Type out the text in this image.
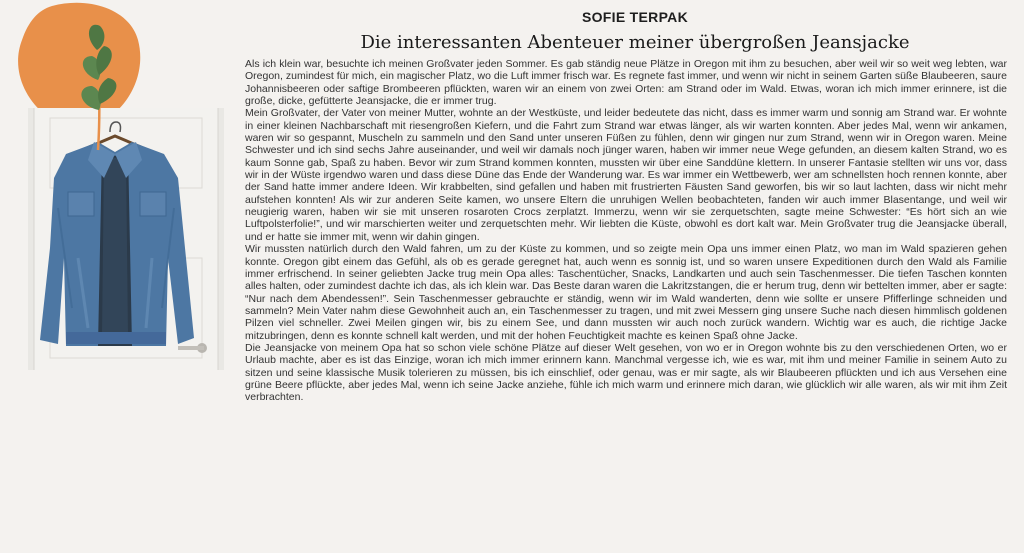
SOFIE TERPAK
Die interessanten Abenteuer meiner übergroßen Jeansjacke

Als ich klein war, besuchte ich meinen Großvater jeden Sommer. Es gab ständig neue Plätze in Oregon mit ihm zu besuchen, aber weil wir so weit weg lebten, war Oregon, zumindest für mich, ein magischer Platz, wo die Luft immer frisch war. Es regnete fast immer, und wenn wir nicht in seinem Garten süße Blaubeeren, saure Johannisbeeren oder saftige Brombeeren pflückten, waren wir an einem von zwei Orten: am Strand oder im Wald. Etwas, woran ich mich immer erinnere, ist die große, dicke, gefütterte Jeansjacke, die er immer trug.

Mein Großvater, der Vater von meiner Mutter, wohnte an der Westküste, und leider bedeutete das nicht, dass es immer warm und sonnig am Strand war. Er wohnte in einer kleinen Nachbarschaft mit riesengroßen Kiefern, und die Fahrt zum Strand war etwas länger, als wir warten konnten. Aber jedes Mal, wenn wir ankamen, waren wir so gespannt, Muscheln zu sammeln und den Sand unter unseren Füßen zu fühlen, denn wir gingen nur zum Strand, wenn wir in Oregon waren. Meine Schwester und ich sind sechs Jahre auseinander, und weil wir damals noch jünger waren, haben wir immer neue Wege gefunden, an diesem kalten Strand, wo es kaum Sonne gab, Spaß zu haben. Bevor wir zum Strand kommen konnten, mussten wir über eine Sanddüne klettern. In unserer Fantasie stellten wir uns vor, dass wir in der Wüste irgendwo waren und dass diese Düne das Ende der Wanderung war. Es war immer ein Wettbewerb, wer am schnellsten hoch rennen konnte, aber der Sand hatte immer andere Ideen. Wir krabbelten, sind gefallen und haben mit frustrierten Fäusten Sand geworfen, bis wir so laut lachten, dass wir nicht mehr aufstehen konnten! Als wir zur anderen Seite kamen, wo unsere Eltern die unruhigen Wellen beobachteten, fanden wir auch immer Blasentange, und weil wir neugierig waren, haben wir sie mit unseren rosaroten Crocs zerplatzt. Immerzu, wenn wir sie zerquetschten, sagte meine Schwester: “Es hört sich an wie Luftpolsterfolie!”, und wir marschierten weiter und zerquetschten mehr. Wir liebten die Küste, obwohl es dort kalt war. Mein Großvater trug die Jeansjacke überall, und er hatte sie immer mit, wenn wir dahin gingen.

Wir mussten natürlich durch den Wald fahren, um zu der Küste zu kommen, und so zeigte mein Opa uns immer einen Platz, wo man im Wald spazieren gehen konnte. Oregon gibt einem das Gefühl, als ob es gerade geregnet hat, auch wenn es sonnig ist, und so waren unsere Expeditionen durch den Wald als Familie immer erfrischend. In seiner geliebten Jacke trug mein Opa alles: Taschentücher, Snacks, Landkarten und auch sein Taschenmesser. Die tiefen Taschen konnten alles halten, oder zumindest dachte ich das, als ich klein war. Das Beste daran waren die Lakritzstangen, die er herum trug, denn wir bettelten immer, aber er sagte: “Nur nach dem Abendessen!”. Sein Taschenmesser gebrauchte er ständig, wenn wir im Wald wanderten, denn wie sollte er unsere Pfifferlinge schneiden und sammeln? Mein Vater nahm diese Gewohnheit auch an, ein Taschenmesser zu tragen, und mit zwei Messern ging unsere Suche nach diesen himmlisch goldenen Pilzen viel schneller. Zwei Meilen gingen wir, bis zu einem See, und dann mussten wir auch noch zurück wandern. Wichtig war es auch, die richtige Jacke mitzubringen, denn es konnte schnell kalt werden, und mit der hohen Feuchtigkeit machte es keinen Spaß ohne Jacke.

Die Jeansjacke von meinem Opa hat so schon viele schöne Plätze auf dieser Welt gesehen, von wo er in Oregon wohnte bis zu den verschiedenen Orten, wo er Urlaub machte, aber es ist das Einzige, woran ich mich immer erinnern kann. Manchmal vergesse ich, wie es war, mit ihm und meiner Familie in seinem Auto zu sitzen und seine klassische Musik tolerieren zu müssen, bis ich einschlief, oder genau, was er mir sagte, als wir Blaubeeren pflückten und ich aus Versehen eine grüne Beere pflückte, aber jedes Mal, wenn ich seine Jacke anziehe, fühle ich mich warm und erinnere mich daran, wie glücklich wir alle waren, als wir mit ihm Zeit verbrachten.
